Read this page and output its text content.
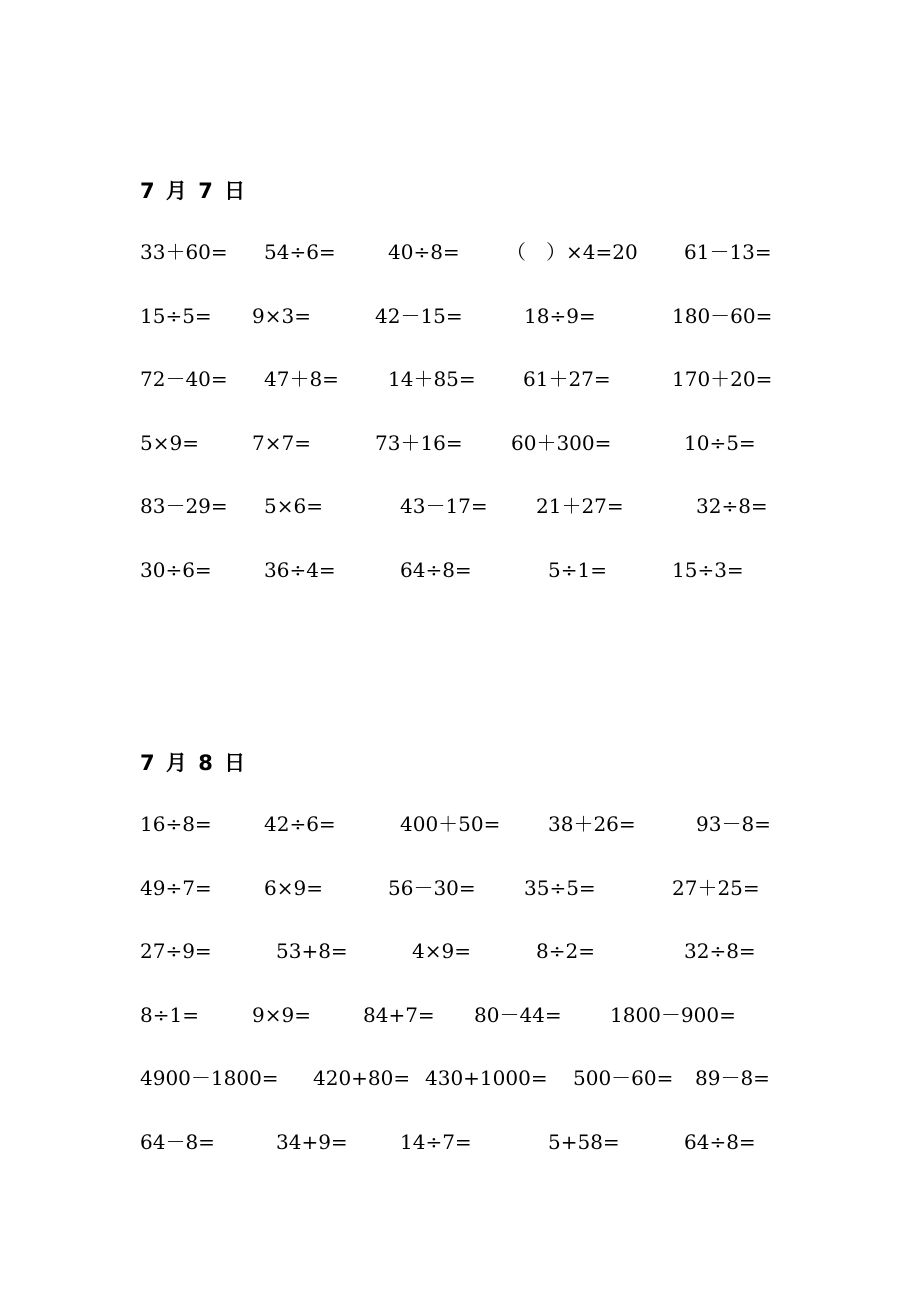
7 月 7 日
33＋60= 54÷6=	40÷8= （　）×4=20 61－13=
15÷5= 9×3=	42－15=	18÷9=	180－60=
72－40= 47＋8= 14＋85= 61＋27=	170＋20=
5×9=	7×7=	73＋16= 60＋300=	10÷5=
83－29= 5×6=	43－17= 21＋27=	32÷8=
30÷6=	36÷4=	64÷8=	5÷1=	15÷3=
7 月 8 日
16÷8=	42÷6=	400＋50= 38＋26=	93－8=
49÷7=	6×9=	56－30= 35÷5=	27＋25=
27÷9=	53+8=	4×9=	8÷2=	32÷8=
8÷1=	9×9=	84+7= 80－44= 1800－900=
4900－1800= 420+80= 430+1000= 500－60= 89－8=
64－8=	34+9=	14÷7=	5+58=	64÷8=
